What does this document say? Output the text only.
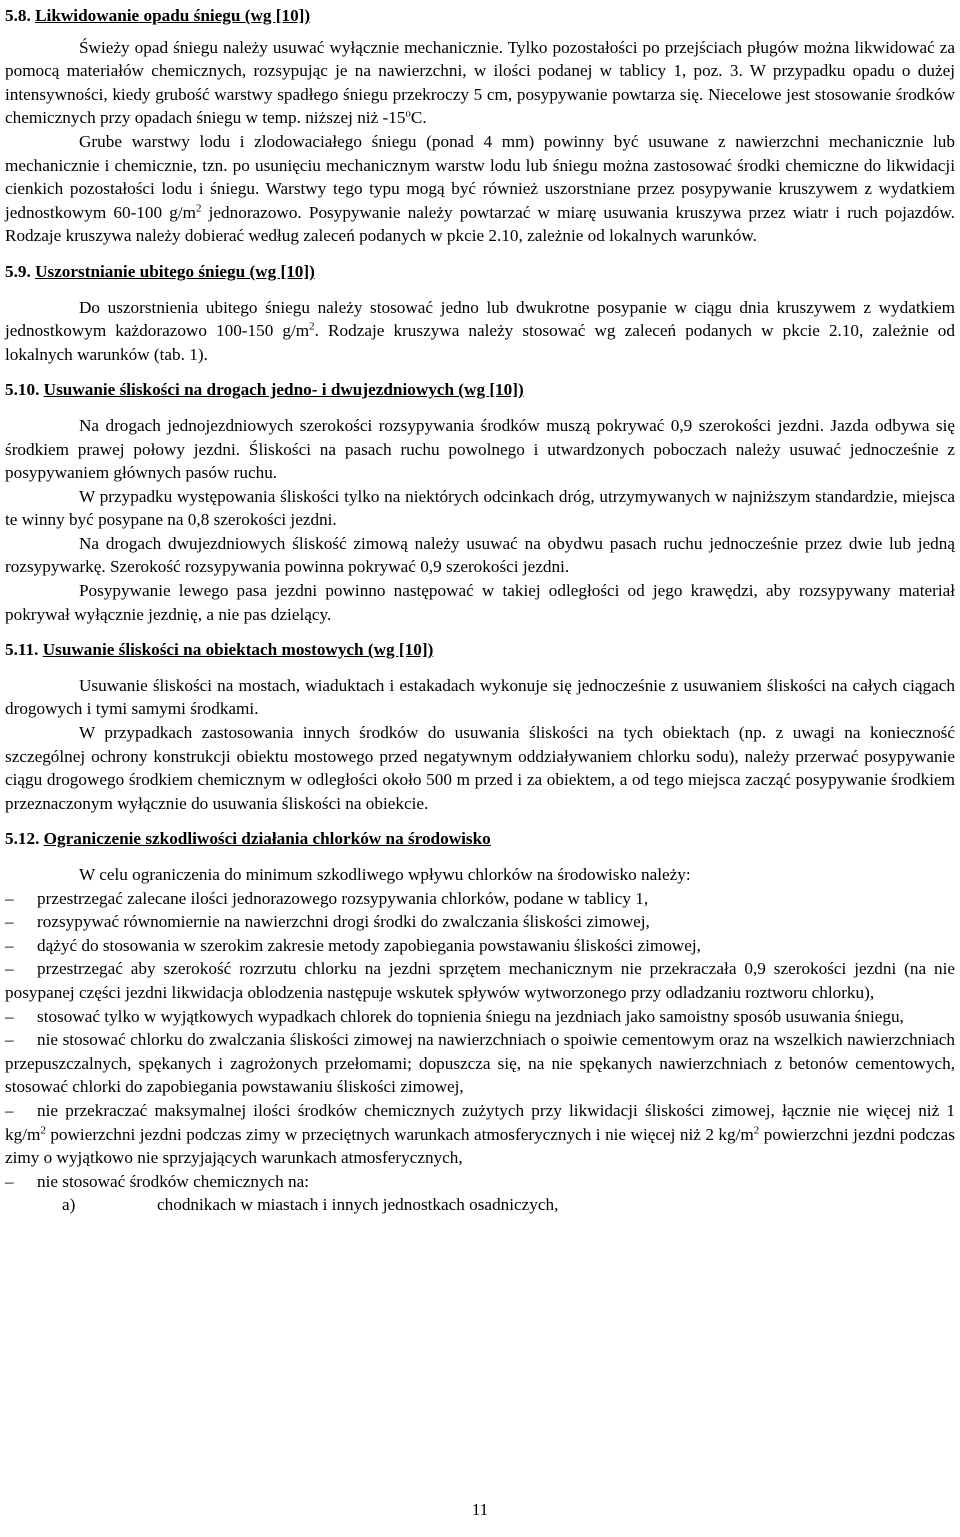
5.8.
Likwidowanie opadu śniegu (wg [10])

Świeży opad śniegu należy usuwać wyłącznie mechanicznie. Tylko pozostałości po przejściach pługów można likwidować za pomocą materiałów chemicznych, rozsypując je na nawierzchni, w ilości podanej w tablicy 1, poz. 3. W przypadku opadu o dużej intensywności, kiedy grubość warstwy spadłego śniegu przekroczy 5 cm, posypywanie powtarza się. Niecelowe jest stosowanie środków chemicznych przy opadach śniegu w temp. niższej niż -15$^o$C.

Grube warstwy lodu i zlodowaciałego śniegu (ponad 4 mm) powinny być usuwane z nawierzchni mechanicznie lub mechanicznie i chemicznie, tzn. po usunięciu mechanicznym warstw lodu lub śniegu można zastosować środki chemiczne do likwidacji cienkich pozostałości lodu i śniegu. Warstwy tego typu mogą być również uszorstniane przez posypywanie kruszywem z wydatkiem jednostkowym 60-100 $g/m^2$ jednorazowo. Posypywanie należy powtarzać w miarę usuwania kruszywa przez wiatr i ruch pojazdów. Rodzaje kruszywa należy dobierać według zaleceń podanych w pkcie 2.10, zależnie od lokalnych warunków.

5.9.
Uszorstnianie ubitego śniegu (wg [10])

Do uszorstnienia ubitego śniegu należy stosować jedno lub dwukrotne posypanie w ciągu dnia kruszywem z wydatkiem jednostkowym każdorazowo 100-150 $g/m^2$. Rodzaje kruszywa należy stosować wg zaleceń podanych w pkcie 2.10, zależnie od lokalnych warunków (tab. 1).

5.10.
Usuwanie śliskości na drogach jedno- i dwujezdniowych (wg [10])

Na drogach jednojezdniowych szerokości rozsypywania środków muszą pokrywać 0,9 szerokości jezdni. Jazda odbywa się środkiem prawej połowy jezdni. Śliskości na pasach ruchu powolnego i utwardzonych poboczach należy usuwać jednocześnie z posypywaniem głównych pasów ruchu.

W przypadku występowania śliskości tylko na niektórych odcinkach dróg, utrzymywanych w najniższym standardzie, miejsca te winny być posypane na 0,8 szerokości jezdni.

Na drogach dwujezdniowych śliskość zimową należy usuwać na obydwu pasach ruchu jednocześnie przez dwie lub jedną rozsypywarkę. Szerokość rozsypywania powinna pokrywać 0,9 szerokości jezdni.

Posypywanie lewego pasa jezdni powinno następować w takiej odległości od jego krawędzi, aby rozsypywany materiał pokrywał wyłącznie jezdnię, a nie pas dzielący.

5.11.
Usuwanie śliskości na obiektach mostowych (wg [10])

Usuwanie śliskości na mostach, wiaduktach i estakadach wykonuje się jednocześnie z usuwaniem śliskości na całych ciągach drogowych i tymi samymi środkami.

W przypadkach zastosowania innych środków do usuwania śliskości na tych obiektach (np. z uwagi na konieczność szczególnej ochrony konstrukcji obiektu mostowego przed negatywnym oddziaływaniem chlorku sodu), należy przerwać posypywanie ciągu drogowego środkiem chemicznym w odległości około 500 m przed i za obiektem, a od tego miejsca zacząć posypywanie środkiem przeznaczonym wyłącznie do usuwania śliskości na obiekcie.

5.12.
Ograniczenie szkodliwości działania chlorków na środowisko

W celu ograniczenia do minimum szkodliwego wpływu chlorków na środowisko należy:

–	przestrzegać zalecane ilości jednorazowego rozsypywania chlorków, podane w tablicy 1,
–	rozsypywać równomiernie na nawierzchni drogi środki do zwalczania śliskości zimowej,
–	dążyć do stosowania w szerokim zakresie metody zapobiegania powstawaniu śliskości zimowej,
–	przestrzegać aby szerokość rozrzutu chlorku na jezdni sprzętem mechanicznym nie przekraczała 0,9 szerokości jezdni (na nie posypanej części jezdni likwidacja oblodzenia następuje wskutek spływów wytworzonego przy odladzaniu roztworu chlorku),
–	stosować tylko w wyjątkowych wypadkach chlorek do topnienia śniegu na jezdniach jako samoistny sposób usuwania śniegu,
–	nie stosować chlorku do zwalczania śliskości zimowej na nawierzchniach o spoiwie cementowym oraz na wszelkich nawierzchniach przepuszczalnych, spękanych i zagrożonych przełomami; dopuszcza się, na nie spękanych nawierzchniach z betonów cementowych, stosować chlorki do zapobiegania powstawaniu śliskości zimowej,
–	nie przekraczać maksymalnej ilości środków chemicznych zużytych przy likwidacji śliskości zimowej, łącznie nie więcej niż 1 $kg/m^2$ powierzchni jezdni podczas zimy w przeciętnych warunkach atmosferycznych i nie więcej niż 2 $kg/m^2$ powierzchni jezdni podczas zimy o wyjątkowo nie sprzyjających warunkach atmosferycznych,
–	nie stosować środków chemicznych na:
a)	chodnikach w miastach i innych jednostkach osadniczych,
11
